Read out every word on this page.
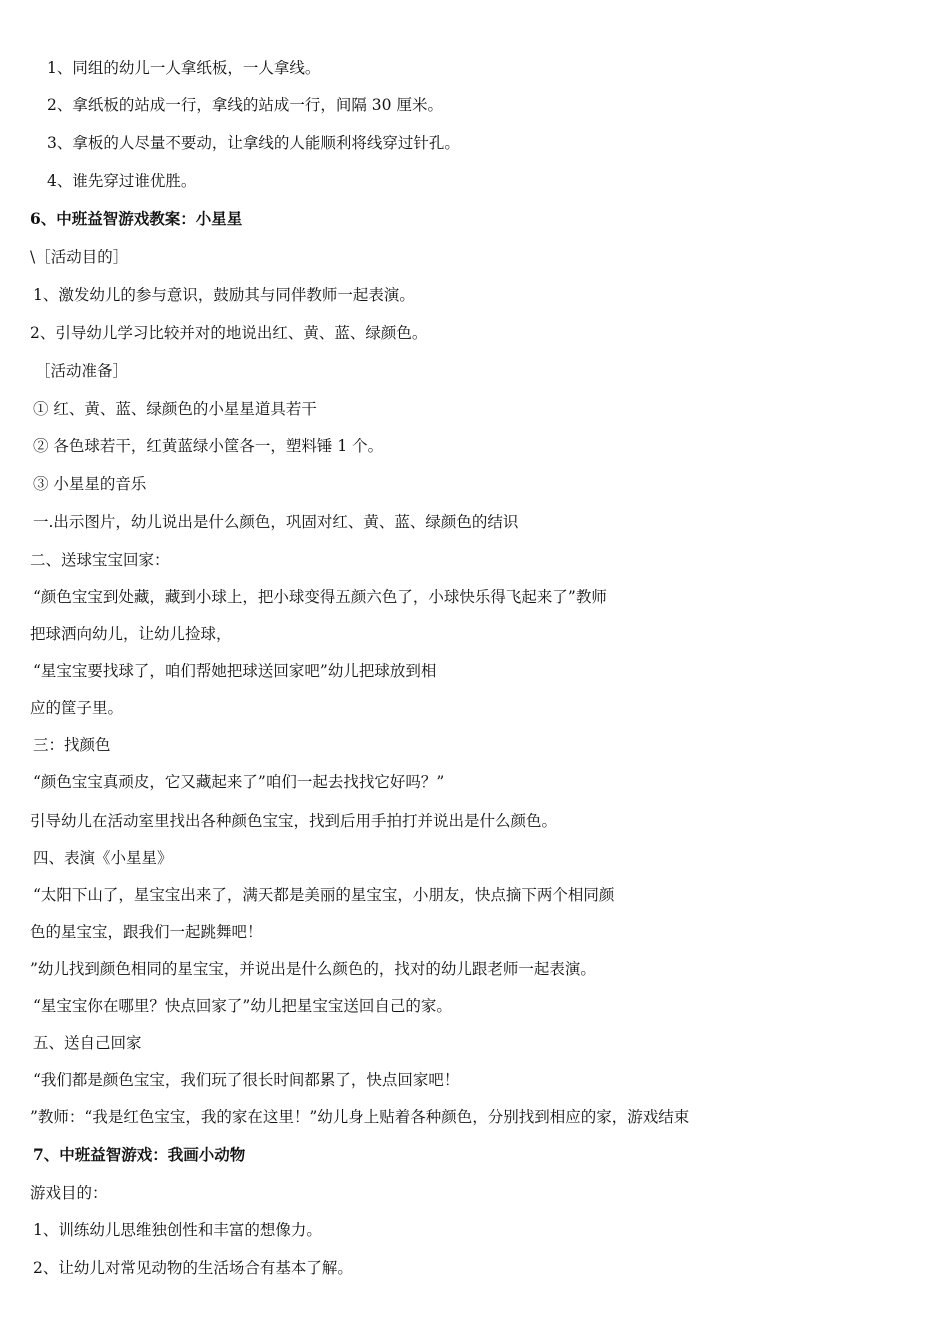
1、同组的幼儿一人拿纸板，一人拿线。
2、拿纸板的站成一行，拿线的站成一行，间隔 30 厘米。
3、拿板的人尽量不要动，让拿线的人能顺利将线穿过针孔。
4、谁先穿过谁优胜。
6、中班益智游戏教案：小星星
\［活动目的］
1、激发幼儿的参与意识，鼓励其与同伴教师一起表演。
2、引导幼儿学习比较并对的地说出红、黄、蓝、绿颜色。
［活动准备］
① 红、黄、蓝、绿颜色的小星星道具若干
② 各色球若干，红黄蓝绿小筐各一，塑料锤 1 个。
③ 小星星的音乐
一.出示图片，幼儿说出是什么颜色，巩固对红、黄、蓝、绿颜色的结识
二、送球宝宝回家：
“颜色宝宝到处藏，藏到小球上，把小球变得五颜六色了，小球快乐得飞起来了”教师
把球洒向幼儿，让幼儿捡球，
“星宝宝要找球了，咱们帮她把球送回家吧”幼儿把球放到相
应的筐子里。
三：找颜色
“颜色宝宝真顽皮，它又藏起来了”咱们一起去找找它好吗？”
引导幼儿在活动室里找出各种颜色宝宝，找到后用手拍打并说出是什么颜色。
四、表演《小星星》
“太阳下山了，星宝宝出来了，满天都是美丽的星宝宝，小朋友，快点摘下两个相同颜
色的星宝宝，跟我们一起跳舞吧！
”幼儿找到颜色相同的星宝宝，并说出是什么颜色的，找对的幼儿跟老师一起表演。
“星宝宝你在哪里？快点回家了”幼儿把星宝宝送回自己的家。
五、送自己回家
“我们都是颜色宝宝，我们玩了很长时间都累了，快点回家吧！
”教师：“我是红色宝宝，我的家在这里！”幼儿身上贴着各种颜色，分别找到相应的家，游戏结束
7、中班益智游戏：我画小动物
游戏目的：
1、训练幼儿思维独创性和丰富的想像力。
2、让幼儿对常见动物的生活场合有基本了解。
